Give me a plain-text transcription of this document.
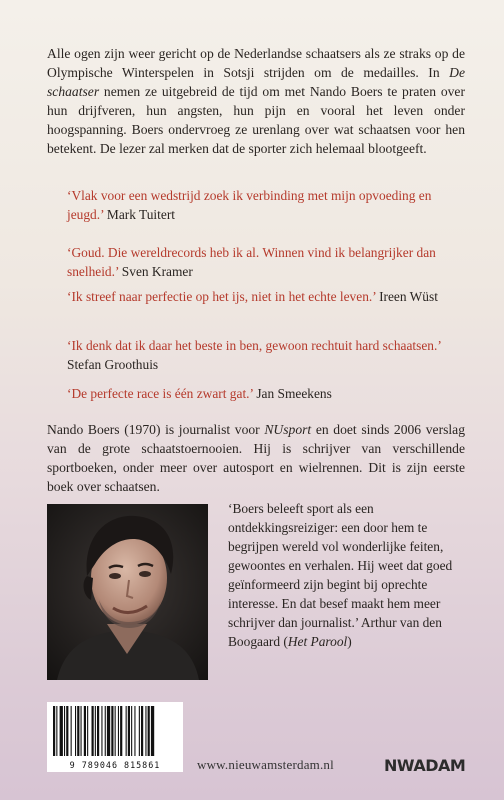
Alle ogen zijn weer gericht op de Nederlandse schaatsers als ze straks op de Olympische Winterspelen in Sotsji strijden om de medailles. In De schaatser nemen ze uitgebreid de tijd om met Nando Boers te praten over hun drijfveren, hun angsten, hun pijn en vooral het leven onder hoogspanning. Boers ondervroeg ze urenlang over wat schaatsen voor hen betekent. De lezer zal merken dat de sporter zich helemaal blootgeeft.

‘Vlak voor een wedstrijd zoek ik verbinding met mijn opvoeding en jeugd.’ Mark Tuitert

‘Goud. Die wereldrecords heb ik al. Winnen vind ik belangrijker dan snelheid.’ Sven Kramer

‘Ik streef naar perfectie op het ijs, niet in het echte leven.’ Ireen Wüst

‘Ik denk dat ik daar het beste in ben, gewoon rechtuit hard schaatsen.’ Stefan Groothuis

‘De perfecte race is één zwart gat.’ Jan Smeekens

Nando Boers (1970) is journalist voor NUsport en doet sinds 2006 verslag van de grote schaatstoernooien. Hij is schrijver van verschillende sportboeken, onder meer over autosport en wielrennen. Dit is zijn eerste boek over schaatsen.

‘Boers beleeft sport als een ontdekkingsreiziger: een door hem te begrijpen wereld vol wonderlijke feiten, gewoontes en verhalen. Hij weet dat goed geïnformeerd zijn begint bij oprechte interesse. En dat besef maakt hem meer schrijver dan journalist.’ Arthur van den Boogaard (Het Parool)

9 789046 815861	www.nieuwamsterdam.nl	NWADAM
